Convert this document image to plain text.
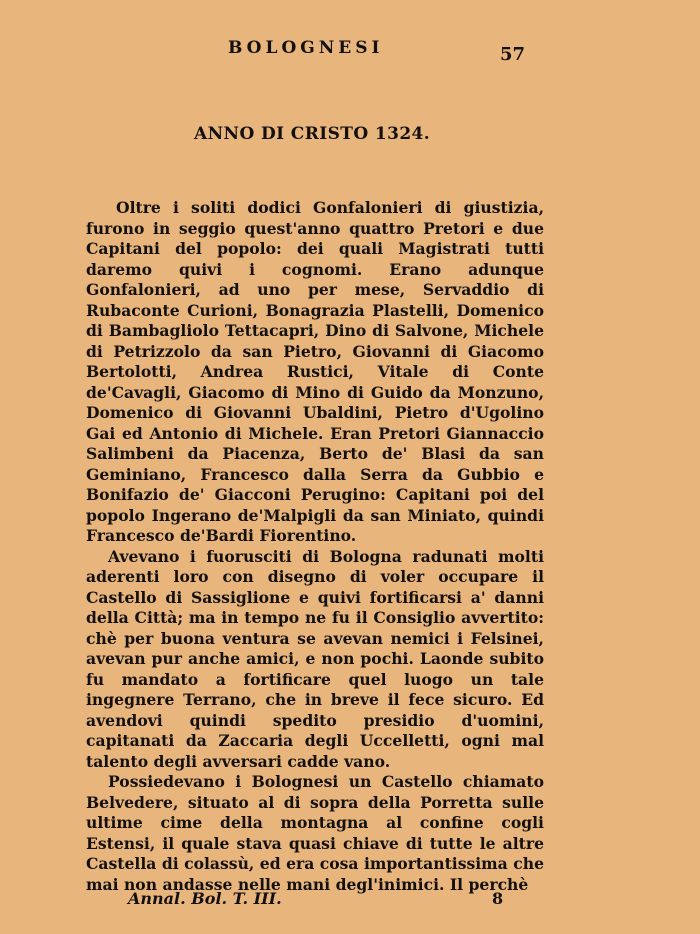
BOLOGNESI	57
ANNO DI CRISTO 1324.

Oltre i soliti dodici Gonfalonieri di giustizia, furono in seggio quest'anno quattro Pretori e due Capitani del popolo: dei quali Magistrati tutti daremo quivi i cognomi. Erano adunque Gonfalonieri, ad uno per mese, Servaddio di Rubaconte Curioni, Bonagrazia Plastelli, Domenico di Bambagliolo Tettacapri, Dino di Salvone, Michele di Petrizzolo da san Pietro, Giovanni di Giacomo Bertolotti, Andrea Rustici, Vitale di Conte de'Cavagli, Giacomo di Mino di Guido da Monzuno, Domenico di Giovanni Ubaldini, Pietro d'Ugolino Gai ed Antonio di Michele. Eran Pretori Giannaccio Salimbeni da Piacenza, Berto de' Blasi da san Geminiano, Francesco dalla Serra da Gubbio e Bonifazio de' Giacconi Perugino: Capitani poi del popolo Ingerano de'Malpigli da san Miniato, quindi Francesco de'Bardi Fiorentino.

Avevano i fuorusciti di Bologna radunati molti aderenti loro con disegno di voler occupare il Castello di Sassiglione e quivi fortificarsi a' danni della Città; ma in tempo ne fu il Consiglio avvertito: chè per buona ventura se avevan nemici i Felsinei, avevan pur anche amici, e non pochi. Laonde subito fu mandato a fortificare quel luogo un tale ingegnere Terrano, che in breve il fece sicuro. Ed avendovi quindi spedito presidio d'uomini, capitanati da Zaccaria degli Uccelletti, ogni mal talento degli avversari cadde vano.

Possiedevano i Bolognesi un Castello chiamato Belvedere, situato al di sopra della Porretta sulle ultime cime della montagna al confine cogli Estensi, il quale stava quasi chiave di tutte le altre Castella di colassù, ed era cosa importantissima che mai non andasse nelle mani degl'inimici. Il perchè

Annal. Bol. T. III.	8
